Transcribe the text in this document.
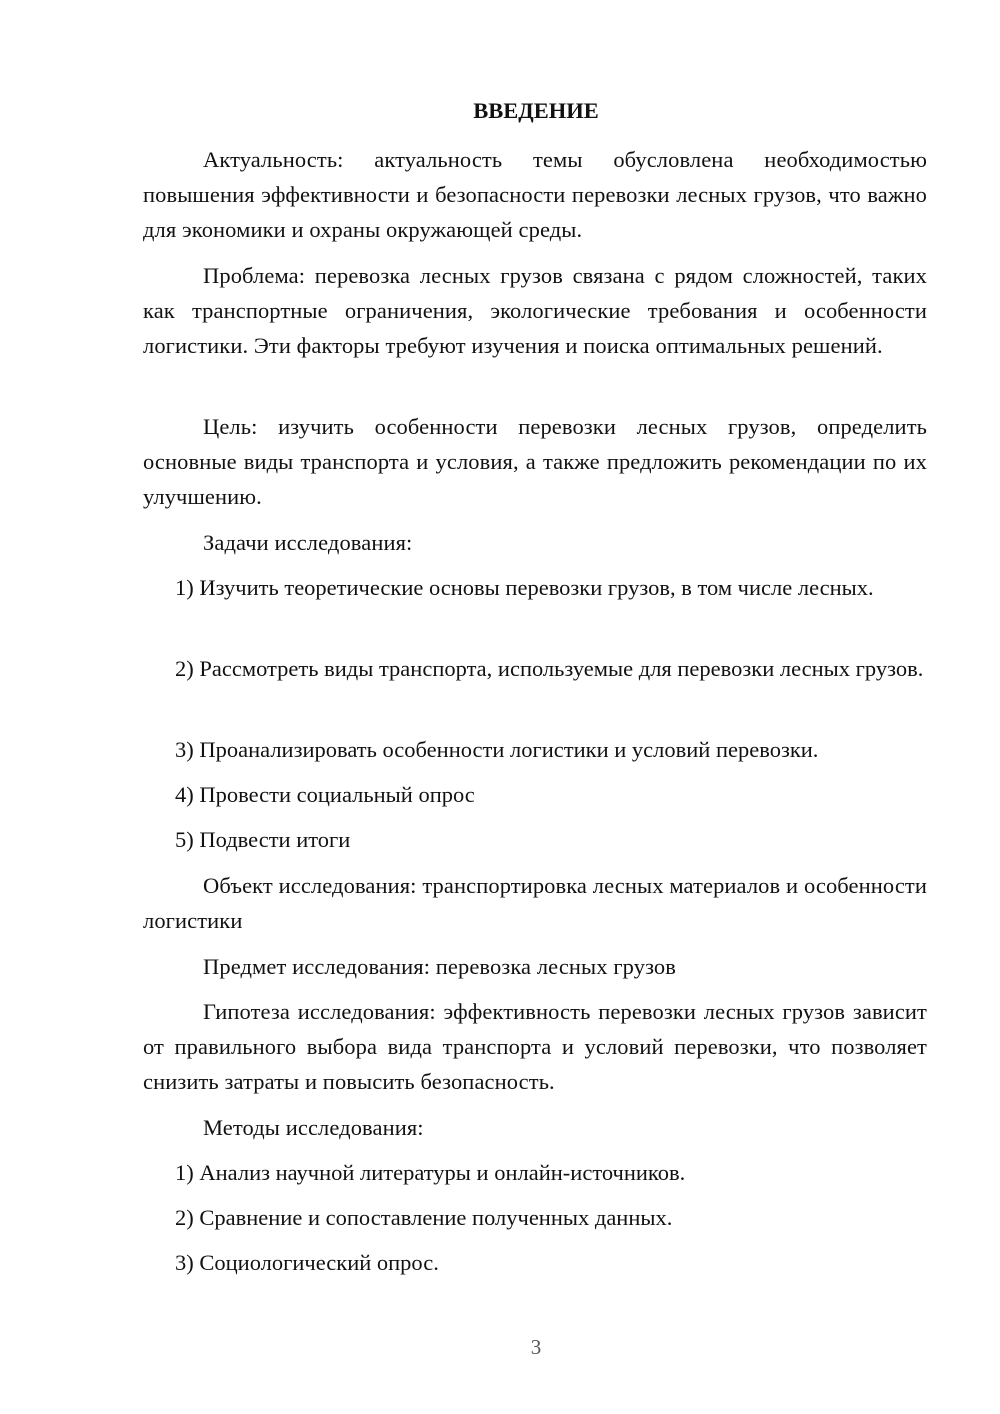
ВВЕДЕНИЕ

Актуальность: актуальность темы обусловлена необходимостью повышения эффективности и безопасности перевозки лесных грузов, что важно для экономики и охраны окружающей среды.

Проблема: перевозка лесных грузов связана с рядом сложностей, таких как транспортные ограничения, экологические требования и особенности логистики. Эти факторы требуют изучения и поиска оптимальных решений.

Цель: изучить особенности перевозки лесных грузов, определить основные виды транспорта и условия, а также предложить рекомендации по их улучшению.

Задачи исследования:

1) Изучить теоретические основы перевозки грузов, в том числе лесных.

2) Рассмотреть виды транспорта, используемые для перевозки лесных грузов.

3) Проанализировать особенности логистики и условий перевозки.

4) Провести социальный опрос

5) Подвести итоги

Объект исследования: транспортировка лесных материалов и особенности логистики

Предмет исследования: перевозка лесных грузов

Гипотеза исследования: эффективность перевозки лесных грузов зависит от правильного выбора вида транспорта и условий перевозки, что позволяет снизить затраты и повысить безопасность.

Методы исследования:

1) Анализ научной литературы и онлайн-источников.

2) Сравнение и сопоставление полученных данных.

3) Социологический опрос.

3
